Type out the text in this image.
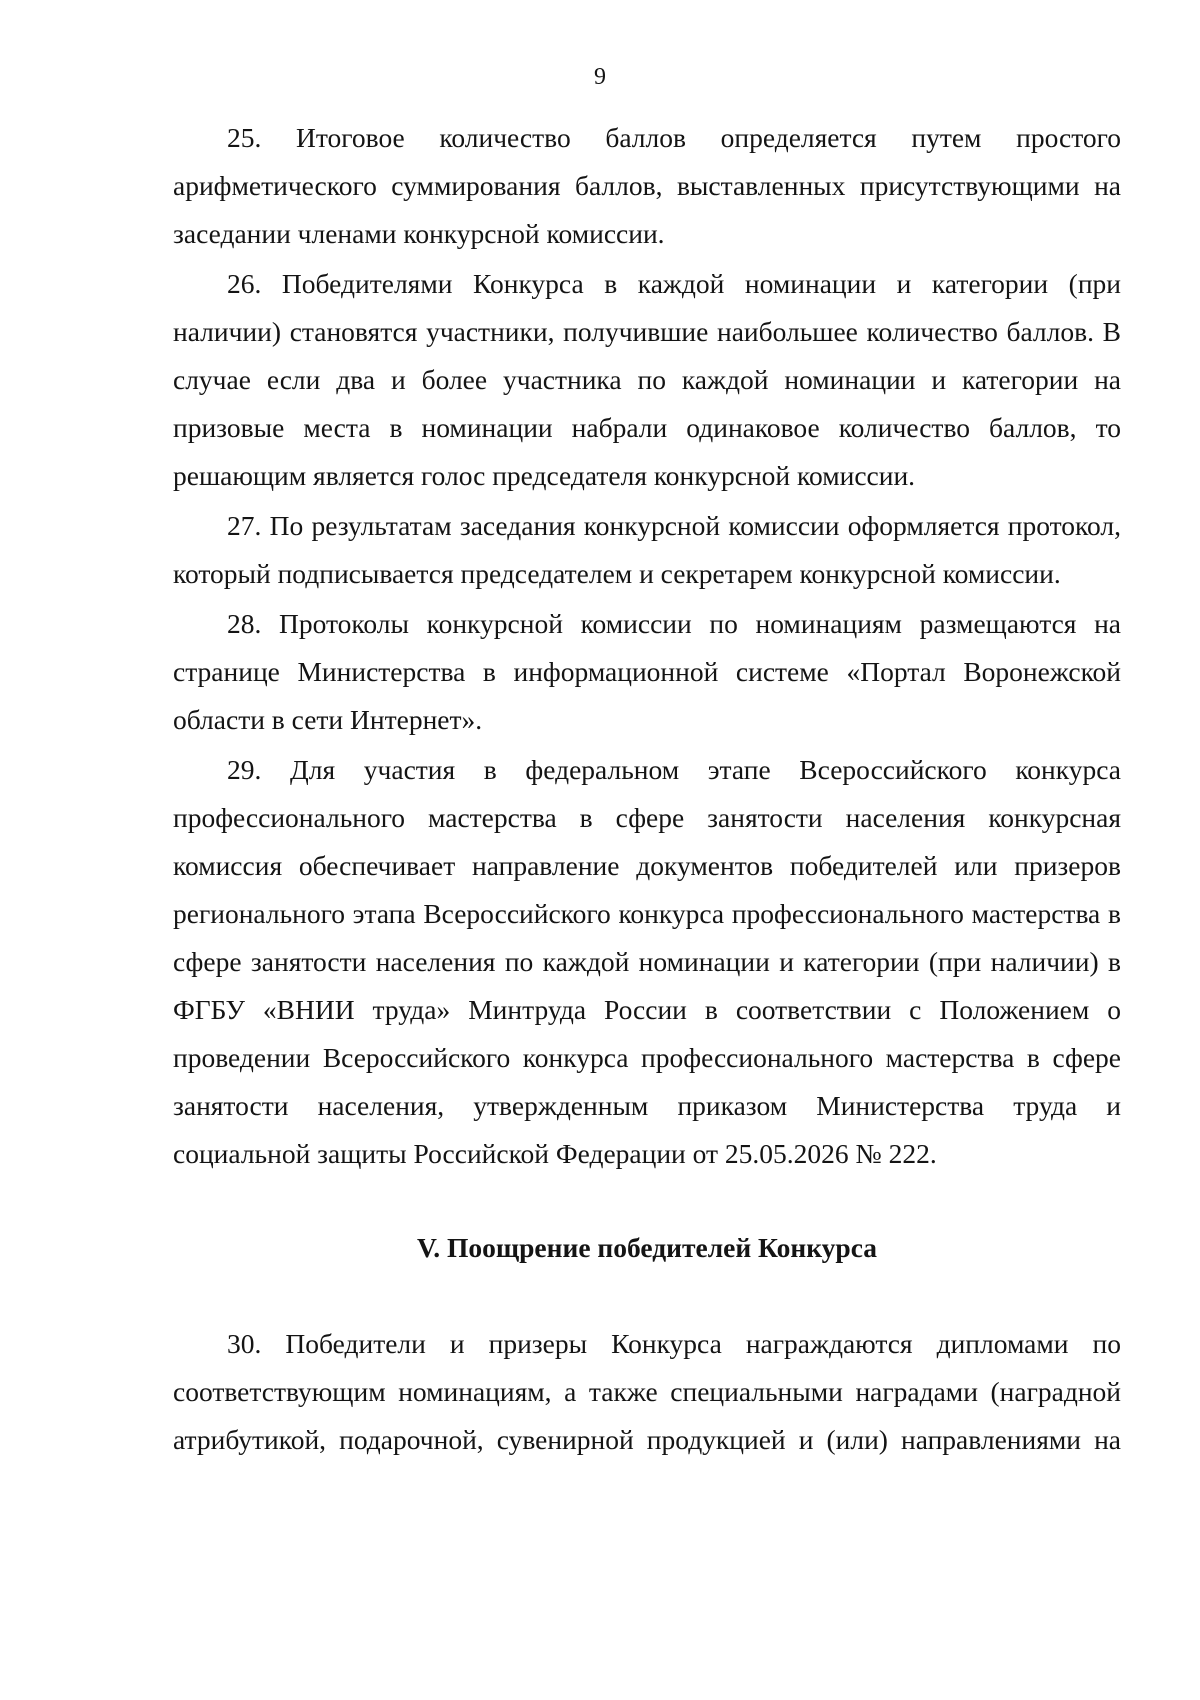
9

25. Итоговое количество баллов определяется путем простого арифметического суммирования баллов, выставленных присутствующими на заседании членами конкурсной комиссии.

26. Победителями Конкурса в каждой номинации и категории (при наличии) становятся участники, получившие наибольшее количество баллов. В случае если два и более участника по каждой номинации и категории на призовые места в номинации набрали одинаковое количество баллов, то решающим является голос председателя конкурсной комиссии.

27. По результатам заседания конкурсной комиссии оформляется протокол, который подписывается председателем и секретарем конкурсной комиссии.

28. Протоколы конкурсной комиссии по номинациям размещаются на странице Министерства в информационной системе «Портал Воронежской области в сети Интернет».

29. Для участия в федеральном этапе Всероссийского конкурса профессионального мастерства в сфере занятости населения конкурсная комиссия обеспечивает направление документов победителей или призеров регионального этапа Всероссийского конкурса профессионального мастерства в сфере занятости населения по каждой номинации и категории (при наличии) в ФГБУ «ВНИИ труда» Минтруда России в соответствии с Положением о проведении Всероссийского конкурса профессионального мастерства в сфере занятости населения, утвержденным приказом Министерства труда и социальной защиты Российской Федерации от 25.05.2026 № 222.

V. Поощрение победителей Конкурса

30. Победители и призеры Конкурса награждаются дипломами по соответствующим номинациям, а также специальными наградами (наградной атрибутикой, подарочной, сувенирной продукцией и (или) направлениями на
